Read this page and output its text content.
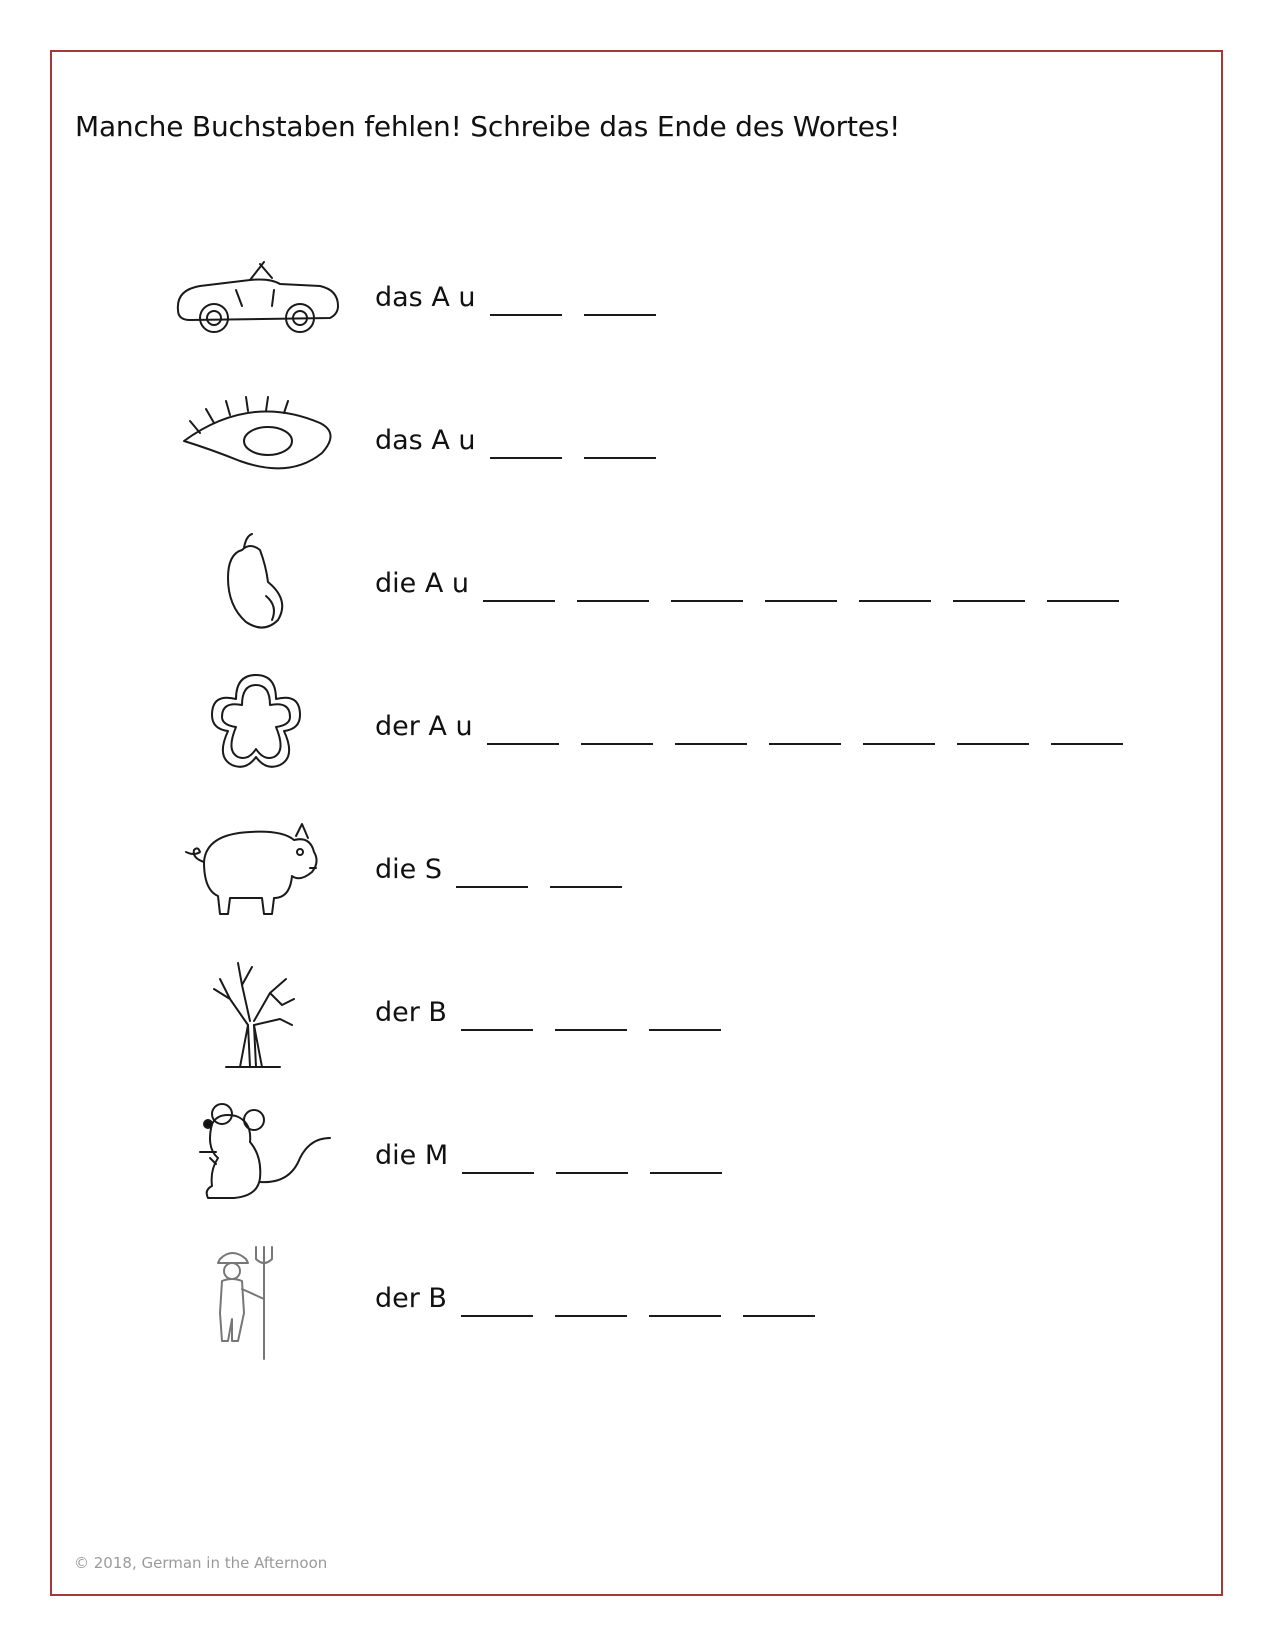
Manche Buchstaben fehlen! Schreibe das Ende des Wortes!
das A u
das A u
die A u
der A u
die S
der B
die M
der B
© 2018, German in the Afternoon
